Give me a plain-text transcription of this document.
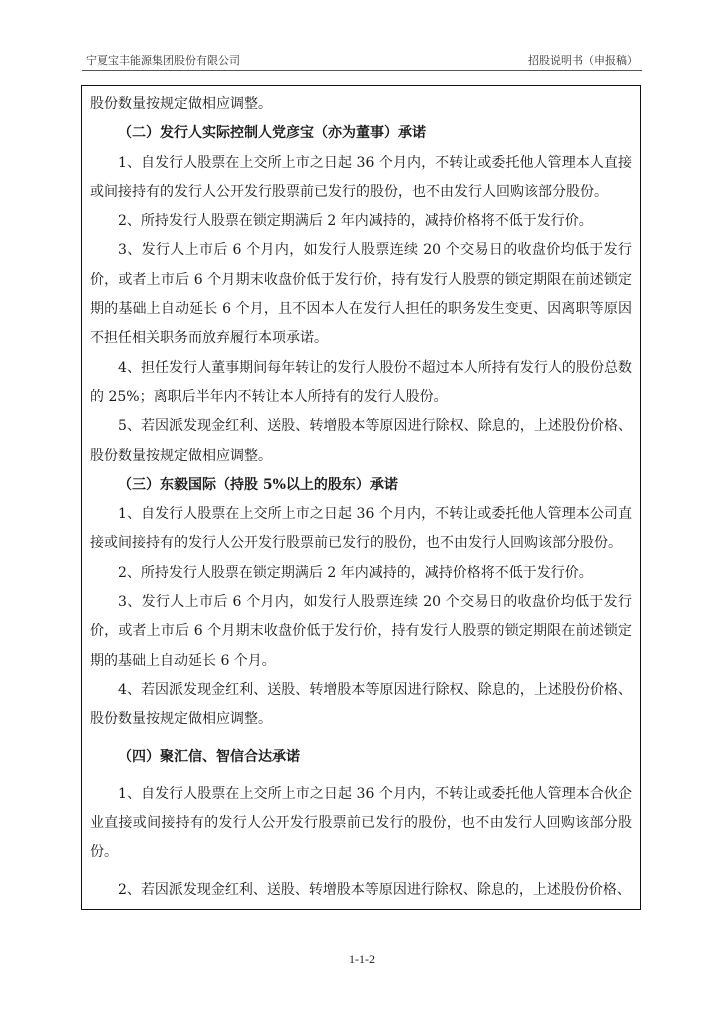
宁夏宝丰能源集团股份有限公司	招股说明书（申报稿）

股份数量按规定做相应调整。

（二）发行人实际控制人党彦宝（亦为董事）承诺

1、自发行人股票在上交所上市之日起 36 个月内，不转让或委托他人管理本人直接或间接持有的发行人公开发行股票前已发行的股份，也不由发行人回购该部分股份。

2、所持发行人股票在锁定期满后 2 年内减持的，减持价格将不低于发行价。

3、发行人上市后 6 个月内，如发行人股票连续 20 个交易日的收盘价均低于发行价，或者上市后 6 个月期末收盘价低于发行价，持有发行人股票的锁定期限在前述锁定期的基础上自动延长 6 个月，且不因本人在发行人担任的职务发生变更、因离职等原因不担任相关职务而放弃履行本项承诺。

4、担任发行人董事期间每年转让的发行人股份不超过本人所持有发行人的股份总数的 25%；离职后半年内不转让本人所持有的发行人股份。

5、若因派发现金红利、送股、转增股本等原因进行除权、除息的，上述股份价格、股份数量按规定做相应调整。

（三）东毅国际（持股 5%以上的股东）承诺

1、自发行人股票在上交所上市之日起 36 个月内，不转让或委托他人管理本公司直接或间接持有的发行人公开发行股票前已发行的股份，也不由发行人回购该部分股份。

2、所持发行人股票在锁定期满后 2 年内减持的，减持价格将不低于发行价。

3、发行人上市后 6 个月内，如发行人股票连续 20 个交易日的收盘价均低于发行价，或者上市后 6 个月期末收盘价低于发行价，持有发行人股票的锁定期限在前述锁定期的基础上自动延长 6 个月。

4、若因派发现金红利、送股、转增股本等原因进行除权、除息的，上述股份价格、股份数量按规定做相应调整。

（四）聚汇信、智信合达承诺

1、自发行人股票在上交所上市之日起 36 个月内，不转让或委托他人管理本合伙企业直接或间接持有的发行人公开发行股票前已发行的股份，也不由发行人回购该部分股份。

2、若因派发现金红利、送股、转增股本等原因进行除权、除息的，上述股份价格、

1-1-2
